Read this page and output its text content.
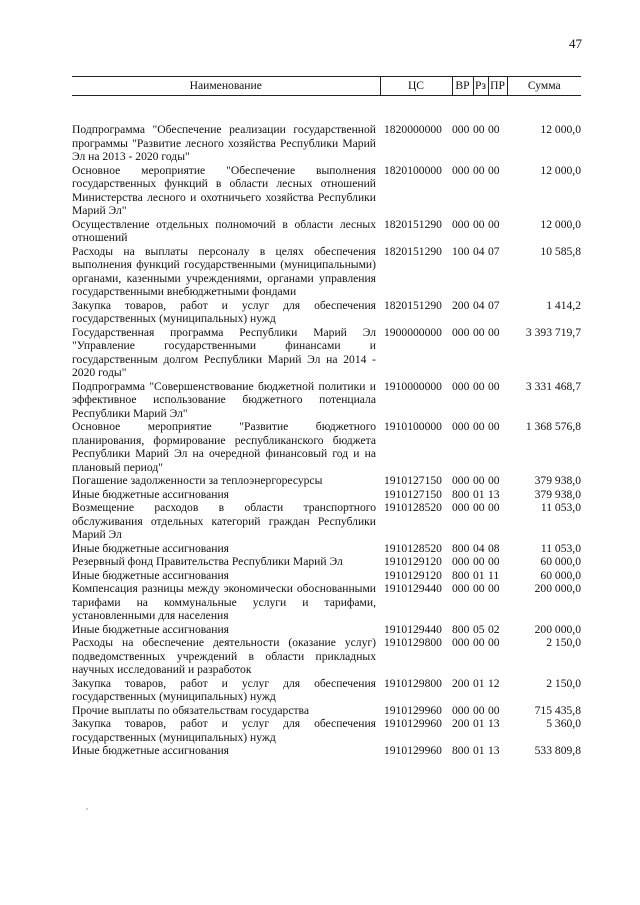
47
Наименование	ЦС	ВР	Рз	ПР	Сумма
Подпрограмма "Обеспечение реализации государственной программы "Развитие лесного хозяйства Республики Марий Эл на 2013 - 2020 годы"	1820000000	000	00	00	12 000,0
Основное мероприятие "Обеспечение выполнения государственных функций в области лесных отношений Министерства лесного и охотничьего хозяйства Республики Марий Эл"	1820100000	000	00	00	12 000,0
Осуществление отдельных полномочий в области лесных отношений	1820151290	000	00	00	12 000,0
Расходы на выплаты персоналу в целях обеспечения выполнения функций государственными (муниципальными) органами, казенными учреждениями, органами управления государственными внебюджетными фондами	1820151290	100	04	07	10 585,8
Закупка товаров, работ и услуг для обеспечения государственных (муниципальных) нужд	1820151290	200	04	07	1 414,2
Государственная программа Республики Марий Эл "Управление государственными финансами и государственным долгом Республики Марий Эл на 2014 - 2020 годы"	1900000000	000	00	00	3 393 719,7
Подпрограмма "Совершенствование бюджетной политики и эффективное использование бюджетного потенциала Республики Марий Эл"	1910000000	000	00	00	3 331 468,7
Основное мероприятие "Развитие бюджетного планирования, формирование республиканского бюджета Республики Марий Эл на очередной финансовый год и на плановый период"	1910100000	000	00	00	1 368 576,8
Погашение задолженности за теплоэнергоресурсы	1910127150	000	00	00	379 938,0
Иные бюджетные ассигнования	1910127150	800	01	13	379 938,0
Возмещение расходов в области транспортного обслуживания отдельных категорий граждан Республики Марий Эл	1910128520	000	00	00	11 053,0
Иные бюджетные ассигнования	1910128520	800	04	08	11 053,0
Резервный фонд Правительства Республики Марий Эл	1910129120	000	00	00	60 000,0
Иные бюджетные ассигнования	1910129120	800	01	11	60 000,0
Компенсация разницы между экономически обоснованными тарифами на коммунальные услуги и тарифами, установленными для населения	1910129440	000	00	00	200 000,0
Иные бюджетные ассигнования	1910129440	800	05	02	200 000,0
Расходы на обеспечение деятельности (оказание услуг) подведомственных учреждений в области прикладных научных исследований и разработок	1910129800	000	00	00	2 150,0
Закупка товаров, работ и услуг для обеспечения государственных (муниципальных) нужд	1910129800	200	01	12	2 150,0
Прочие выплаты по обязательствам государства	1910129960	000	00	00	715 435,8
Закупка товаров, работ и услуг для обеспечения государственных (муниципальных) нужд	1910129960	200	01	13	5 360,0
Иные бюджетные ассигнования	1910129960	800	01	13	533 809,8
